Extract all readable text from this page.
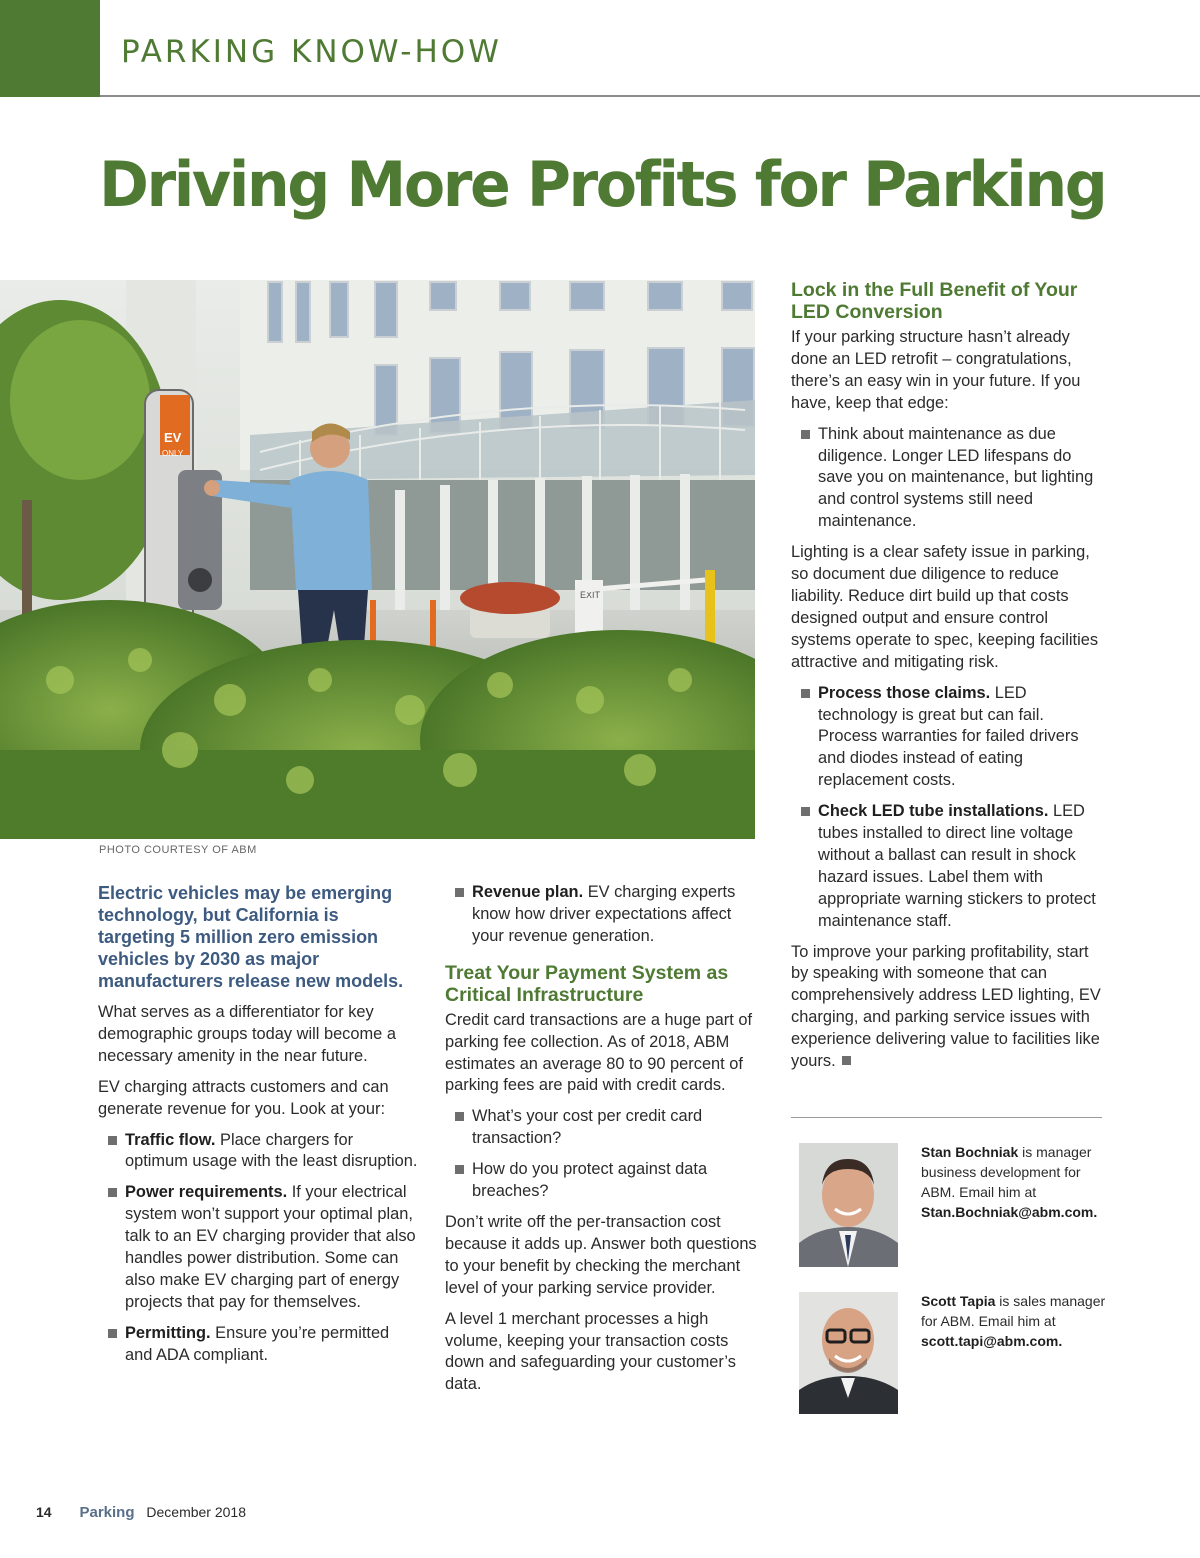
PARKING KNOW-HOW
Driving More Profits for Parking
EXIT
EV
ONLY
PHOTO COURTESY OF ABM

Electric vehicles may be emerging technology, but California is targeting 5 million zero emission vehicles by 2030 as major manufacturers release new models.

What serves as a differentiator for key demographic groups today will become a necessary amenity in the near future.

EV charging attracts customers and can generate revenue for you. Look at your:

Traffic flow. Place chargers for optimum usage with the least disruption.
Power requirements. If your electrical system won’t support your optimal plan, talk to an EV charging provider that also handles power distribution. Some can also make EV charging part of energy projects that pay for themselves.
Permitting. Ensure you’re permitted and ADA compliant.
Revenue plan. EV charging experts know how driver expectations affect your revenue generation.
Treat Your Payment System as Critical Infrastructure

Credit card transactions are a huge part of parking fee collection. As of 2018, ABM estimates an average 80 to 90 percent of parking fees are paid with credit cards.

What’s your cost per credit card transaction?
How do you protect against data breaches?

Don’t write off the per-transaction cost because it adds up. Answer both questions to your benefit by checking the merchant level of your parking service provider.

A level 1 merchant processes a high volume, keeping your transaction costs down and safeguarding your customer’s data.

Lock in the Full Benefit of Your LED Conversion

If your parking structure hasn’t already done an LED retrofit – congratulations, there’s an easy win in your future. If you have, keep that edge:

Think about maintenance as due diligence. Longer LED lifespans do save you on maintenance, but lighting and control systems still need maintenance.

Lighting is a clear safety issue in parking, so document due diligence to reduce liability. Reduce dirt build up that costs designed output and ensure control systems operate to spec, keeping facilities attractive and mitigating risk.

Process those claims. LED technology is great but can fail. Process warranties for failed drivers and diodes instead of eating replacement costs.
Check LED tube installations. LED tubes installed to direct line voltage without a ballast can result in shock hazard issues. Label them with appropriate warning stickers to protect maintenance staff.

To improve your parking profitability, start by speaking with someone that can comprehensively address LED lighting, EV charging, and parking service issues with experience delivering value to facilities like yours.

Stan Bochniak is manager business development for ABM. Email him at Stan.Bochniak@abm.com.
Scott Tapia is sales manager for ABM. Email him at scott.tapi@abm.com.
14 Parking December 2018
